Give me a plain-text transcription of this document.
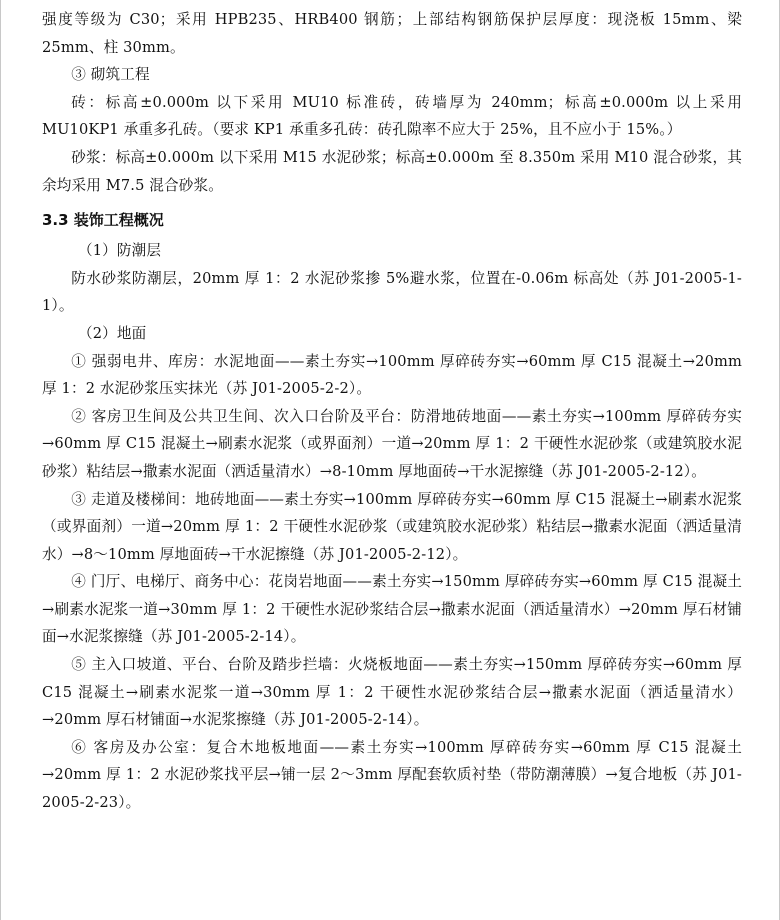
强度等级为 C30；采用 HPB235、HRB400 钢筋；上部结构钢筋保护层厚度：现浇板 15mm、梁 25mm、柱 30mm。

③ 砌筑工程

砖：标高±0.000m 以下采用 MU10 标准砖，砖墙厚为 240mm；标高±0.000m 以上采用 MU10KP1 承重多孔砖。（要求 KP1 承重多孔砖：砖孔隙率不应大于 25%，且不应小于 15%。）

砂浆：标高±0.000m 以下采用 M15 水泥砂浆；标高±0.000m 至 8.350m 采用 M10 混合砂浆，其余均采用 M7.5 混合砂浆。

3.3 装饰工程概况

（1）防潮层

防水砂浆防潮层，20mm 厚 1：2 水泥砂浆掺 5%避水浆，位置在-0.06m 标高处（苏 J01-2005-1-1）。

（2）地面

① 强弱电井、库房：水泥地面——素土夯实→100mm 厚碎砖夯实→60mm 厚 C15 混凝土→20mm 厚 1：2 水泥砂浆压实抹光（苏 J01-2005-2-2）。

② 客房卫生间及公共卫生间、次入口台阶及平台：防滑地砖地面——素土夯实→100mm 厚碎砖夯实→60mm 厚 C15 混凝土→刷素水泥浆（或界面剂）一道→20mm 厚 1：2 干硬性水泥砂浆（或建筑胶水泥砂浆）粘结层→撒素水泥面（洒适量清水）→8-10mm 厚地面砖→干水泥擦缝（苏 J01-2005-2-12）。

③ 走道及楼梯间：地砖地面——素土夯实→100mm 厚碎砖夯实→60mm 厚 C15 混凝土→刷素水泥浆（或界面剂）一道→20mm 厚 1：2 干硬性水泥砂浆（或建筑胶水泥砂浆）粘结层→撒素水泥面（洒适量清水）→8～10mm 厚地面砖→干水泥擦缝（苏 J01-2005-2-12）。

④ 门厅、电梯厅、商务中心：花岗岩地面——素土夯实→150mm 厚碎砖夯实→60mm 厚 C15 混凝土→刷素水泥浆一道→30mm 厚 1：2 干硬性水泥砂浆结合层→撒素水泥面（洒适量清水）→20mm 厚石材铺面→水泥浆擦缝（苏 J01-2005-2-14）。

⑤ 主入口坡道、平台、台阶及踏步拦墙：火烧板地面——素土夯实→150mm 厚碎砖夯实→60mm 厚 C15 混凝土→刷素水泥浆一道→30mm 厚 1：2 干硬性水泥砂浆结合层→撒素水泥面（洒适量清水）→20mm 厚石材铺面→水泥浆擦缝（苏 J01-2005-2-14）。

⑥ 客房及办公室：复合木地板地面——素土夯实→100mm 厚碎砖夯实→60mm 厚 C15 混凝土→20mm 厚 1：2 水泥砂浆找平层→铺一层 2～3mm 厚配套软质衬垫（带防潮薄膜）→复合地板（苏 J01-2005-2-23）。
